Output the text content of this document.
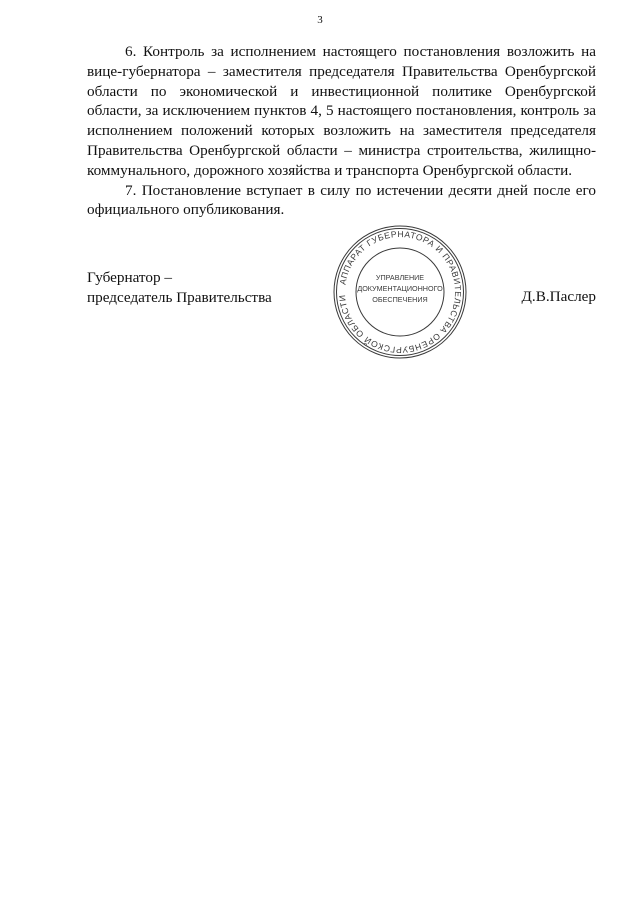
3

6. Контроль за исполнением настоящего постановления возложить на вице-губернатора – заместителя председателя Правительства Оренбургской области по экономической и инвестиционной политике Оренбургской области, за исключением пунктов 4, 5 настоящего постановления, контроль за исполнением положений которых возложить на заместителя председателя Правительства Оренбургской области – министра строительства, жилищно-коммунального, дорожного хозяйства и транспорта Оренбургской области.

7. Постановление вступает в силу по истечении десяти дней после его официального опубликования.

Губернатор –
председатель Правительства	Д.В.Паслер
АППАРАТ ГУБЕРНАТОРА И ПРАВИТЕЛЬСТВА ОРЕНБУРГСКОЙ ОБЛАСТИ
УПРАВЛЕНИЕ
ДОКУМЕНТАЦИОННОГО
ОБЕСПЕЧЕНИЯ
